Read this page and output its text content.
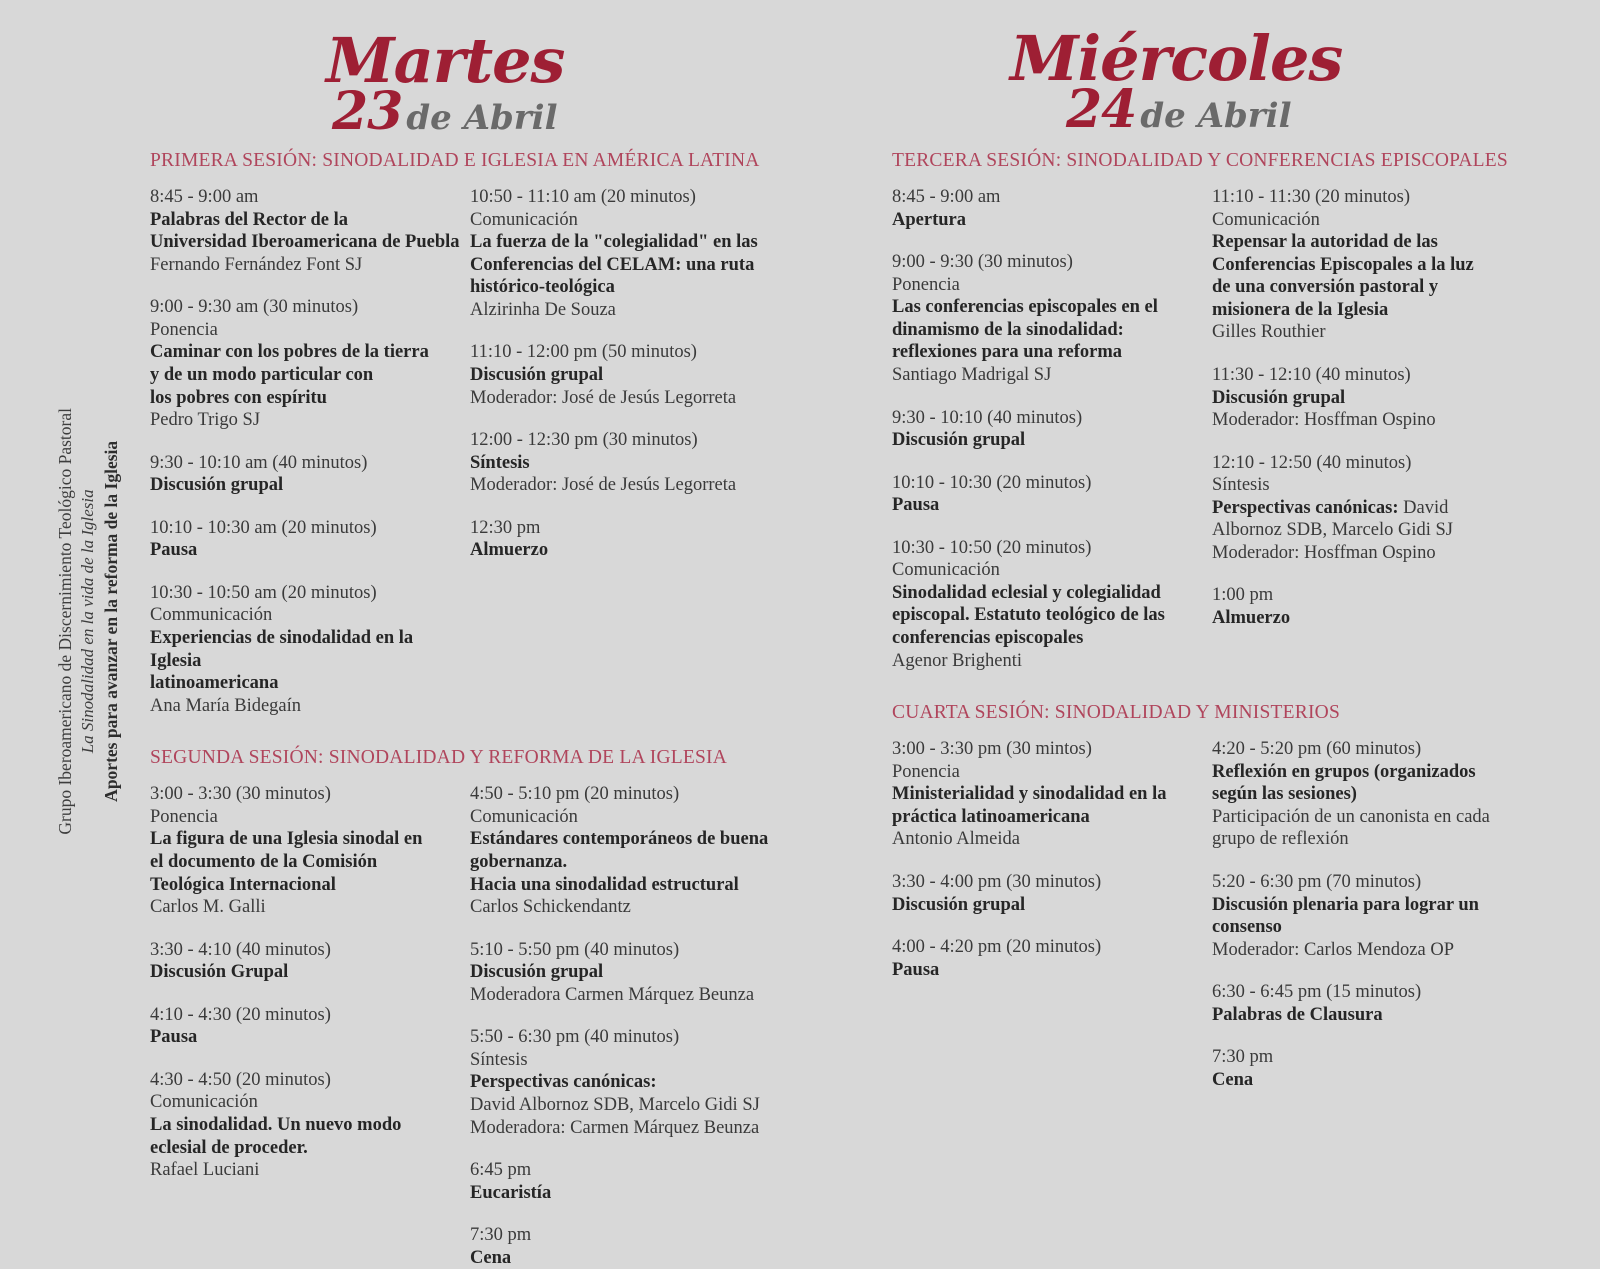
Grupo Iberoamericano de Discernimiento Teológico Pastoral La Sinodalidad en la vida de la Iglesia Aportes para avanzar en la reforma de la Iglesia
Martes
23 de Abril
PRIMERA SESIÓN: SINODALIDAD E IGLESIA EN AMÉRICA LATINA
8:45 - 9:00 am
Palabras del Rector de la
Universidad Iberoamericana de Puebla
Fernando Fernández Font SJ
9:00 - 9:30 am (30 minutos)
Ponencia
Caminar con los pobres de la tierra
y de un modo particular con
los pobres con espíritu
Pedro Trigo SJ
9:30 - 10:10 am (40 minutos)
Discusión grupal
10:10 - 10:30 am (20 minutos)
Pausa
10:30 - 10:50 am (20 minutos)
Communicación
Experiencias de sinodalidad en la Iglesia
latinoamericana
Ana María Bidegaín
10:50 - 11:10 am (20 minutos)
Comunicación
La fuerza de la "colegialidad" en las
Conferencias del CELAM: una ruta
histórico-teológica
Alzirinha De Souza
11:10 - 12:00 pm (50 minutos)
Discusión grupal
Moderador: José de Jesús Legorreta
12:00 - 12:30 pm (30 minutos)
Síntesis
Moderador: José de Jesús Legorreta
12:30 pm
Almuerzo
SEGUNDA SESIÓN: SINODALIDAD Y REFORMA DE LA IGLESIA
3:00 - 3:30 (30 minutos)
Ponencia
La figura de una Iglesia sinodal en
el documento de la Comisión
Teológica Internacional
Carlos M. Galli
3:30 - 4:10 (40 minutos)
Discusión Grupal
4:10 - 4:30 (20 minutos)
Pausa
4:30 - 4:50 (20 minutos)
Comunicación
La sinodalidad. Un nuevo modo
eclesial de proceder.
Rafael Luciani
4:50 - 5:10 pm (20 minutos)
Comunicación
Estándares contemporáneos de buena
gobernanza.
Hacia una sinodalidad estructural
Carlos Schickendantz
5:10 - 5:50 pm (40 minutos)
Discusión grupal
Moderadora Carmen Márquez Beunza
5:50 - 6:30 pm (40 minutos)
Síntesis
Perspectivas canónicas:
David Albornoz SDB, Marcelo Gidi SJ
Moderadora: Carmen Márquez Beunza
6:45 pm
Eucaristía
7:30 pm
Cena
Miércoles
24 de Abril
TERCERA SESIÓN: SINODALIDAD Y CONFERENCIAS EPISCOPALES
8:45 - 9:00 am
Apertura
9:00 - 9:30 (30 minutos)
Ponencia
Las conferencias episcopales en el
dinamismo de la sinodalidad:
reflexiones para una reforma
Santiago Madrigal SJ
9:30 - 10:10 (40 minutos)
Discusión grupal
10:10 - 10:30 (20 minutos)
Pausa
10:30 - 10:50 (20 minutos)
Comunicación
Sinodalidad eclesial y colegialidad
episcopal. Estatuto teológico de las
conferencias episcopales
Agenor Brighenti
11:10 - 11:30 (20 minutos)
Comunicación
Repensar la autoridad de las
Conferencias Episcopales a la luz
de una conversión pastoral y
misionera de la Iglesia
Gilles Routhier
11:30 - 12:10 (40 minutos)
Discusión grupal
Moderador: Hosffman Ospino
12:10 - 12:50 (40 minutos)
Síntesis
Perspectivas canónicas: David
Albornoz SDB, Marcelo Gidi SJ
Moderador: Hosffman Ospino
1:00 pm
Almuerzo
CUARTA SESIÓN: SINODALIDAD Y MINISTERIOS
3:00 - 3:30 pm (30 mintos)
Ponencia
Ministerialidad y sinodalidad en la
práctica latinoamericana
Antonio Almeida
3:30 - 4:00 pm (30 minutos)
Discusión grupal
4:00 - 4:20 pm (20 minutos)
Pausa
4:20 - 5:20 pm (60 minutos)
Reflexión en grupos (organizados
según las sesiones)
Participación de un canonista en cada
grupo de reflexión
5:20 - 6:30 pm (70 minutos)
Discusión plenaria para lograr un
consenso
Moderador: Carlos Mendoza OP
6:30 - 6:45 pm (15 minutos)
Palabras de Clausura
7:30 pm
Cena
